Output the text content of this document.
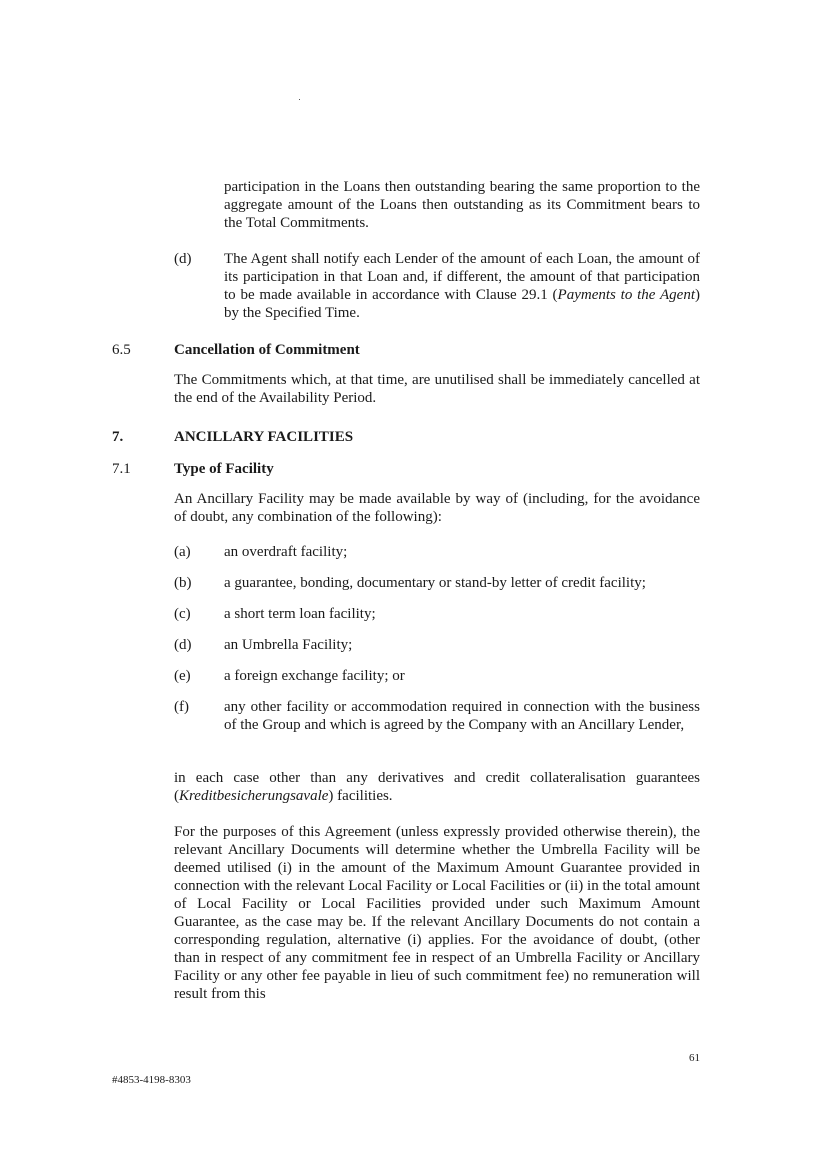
participation in the Loans then outstanding bearing the same proportion to the aggregate amount of the Loans then outstanding as its Commitment bears to the Total Commitments.
(d) The Agent shall notify each Lender of the amount of each Loan, the amount of its participation in that Loan and, if different, the amount of that participation to be made available in accordance with Clause 29.1 (Payments to the Agent) by the Specified Time.
6.5	Cancellation of Commitment
The Commitments which, at that time, are unutilised shall be immediately cancelled at the end of the Availability Period.
7.	ANCILLARY FACILITIES
7.1	Type of Facility
An Ancillary Facility may be made available by way of (including, for the avoidance of doubt, any combination of the following):
(a) an overdraft facility;
(b) a guarantee, bonding, documentary or stand-by letter of credit facility;
(c) a short term loan facility;
(d) an Umbrella Facility;
(e) a foreign exchange facility; or
(f) any other facility or accommodation required in connection with the business of the Group and which is agreed by the Company with an Ancillary Lender,
in each case other than any derivatives and credit collateralisation guarantees (Kreditbesicherungsavale) facilities.
For the purposes of this Agreement (unless expressly provided otherwise therein), the relevant Ancillary Documents will determine whether the Umbrella Facility will be deemed utilised (i) in the amount of the Maximum Amount Guarantee provided in connection with the relevant Local Facility or Local Facilities or (ii) in the total amount of Local Facility or Local Facilities provided under such Maximum Amount Guarantee, as the case may be. If the relevant Ancillary Documents do not contain a corresponding regulation, alternative (i) applies. For the avoidance of doubt, (other than in respect of any commitment fee in respect of an Umbrella Facility or Ancillary Facility or any other fee payable in lieu of such commitment fee) no remuneration will result from this
61
#4853-4198-8303
